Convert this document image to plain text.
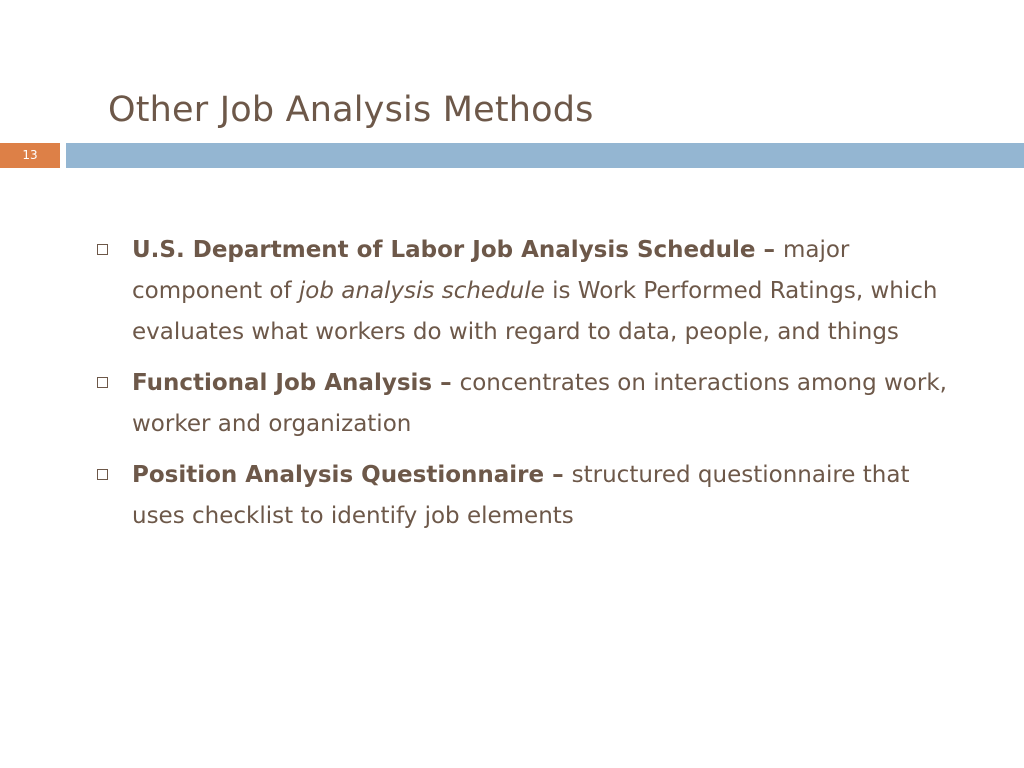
Other Job Analysis Methods
13
U.S. Department of Labor Job Analysis Schedule – major component of job analysis schedule is Work Performed Ratings, which evaluates what workers do with regard to data, people, and things
Functional Job Analysis – concentrates on interactions among work, worker and organization
Position Analysis Questionnaire – structured questionnaire that uses checklist to identify job elements
